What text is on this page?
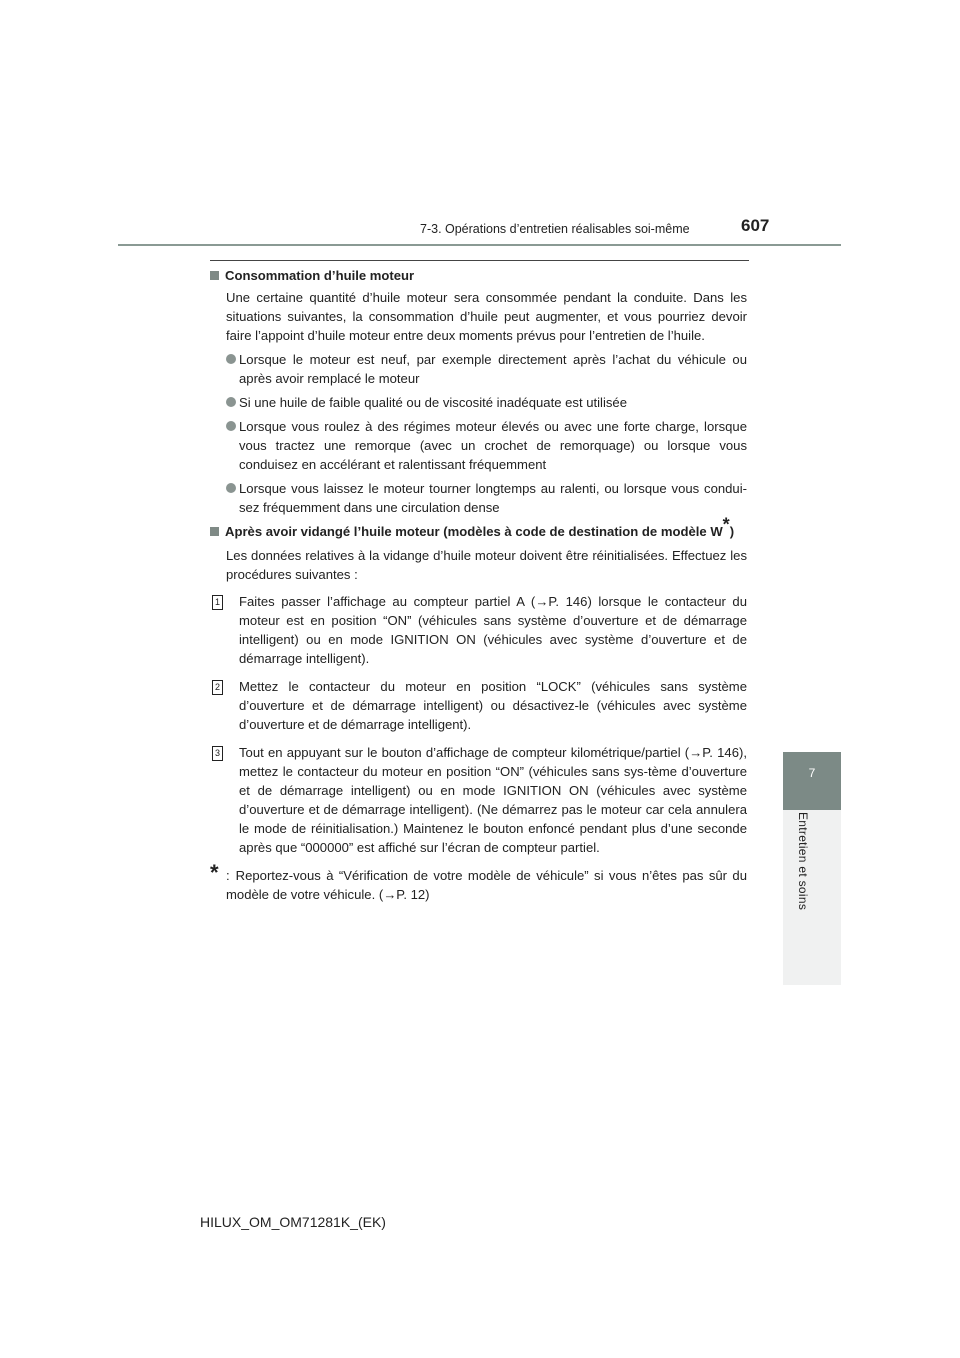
7-3. Opérations d’entretien réalisables soi-même	607
7
Entretien et soins
Consommation d’huile moteur
Une certaine quantité d’huile moteur sera consommée pendant la conduite. Dans les situations suivantes, la consommation d’huile peut augmenter, et vous pourriez devoir faire l’appoint d’huile moteur entre deux moments prévus pour l’entretien de l’huile.
Lorsque le moteur est neuf, par exemple directement après l’achat du véhicule ou après avoir remplacé le moteur
Si une huile de faible qualité ou de viscosité inadéquate est utilisée
Lorsque vous roulez à des régimes moteur élevés ou avec une forte charge, lorsque vous tractez une remorque (avec un crochet de remorquage) ou lorsque vous conduisez en accélérant et ralentissant fréquemment
Lorsque vous laissez le moteur tourner longtemps au ralenti, ou lorsque vous condui-sez fréquemment dans une circulation dense
Après avoir vidangé l’huile moteur (modèles à code de destination de modèle W*)
Les données relatives à la vidange d’huile moteur doivent être réinitialisées. Effectuez les procédures suivantes :
1 Faites passer l’affichage au compteur partiel A (→P. 146) lorsque le contacteur du moteur est en position “ON” (véhicules sans système d’ouverture et de démarrage intelligent) ou en mode IGNITION ON (véhicules avec système d’ouverture et de démarrage intelligent).
2 Mettez le contacteur du moteur en position “LOCK” (véhicules sans système d’ouverture et de démarrage intelligent) ou désactivez-le (véhicules avec système d’ouverture et de démarrage intelligent).
3 Tout en appuyant sur le bouton d’affichage de compteur kilométrique/partiel (→P. 146), mettez le contacteur du moteur en position “ON” (véhicules sans sys-tème d’ouverture et de démarrage intelligent) ou en mode IGNITION ON (véhicules avec système d’ouverture et de démarrage intelligent). (Ne démarrez pas le moteur car cela annulera le mode de réinitialisation.) Maintenez le bouton enfoncé pendant plus d’une seconde après que “000000” est affiché sur l’écran de compteur partiel.
* : Reportez-vous à “Vérification de votre modèle de véhicule” si vous n’êtes pas sûr du modèle de votre véhicule. (→P. 12)
HILUX_OM_OM71281K_(EK)
